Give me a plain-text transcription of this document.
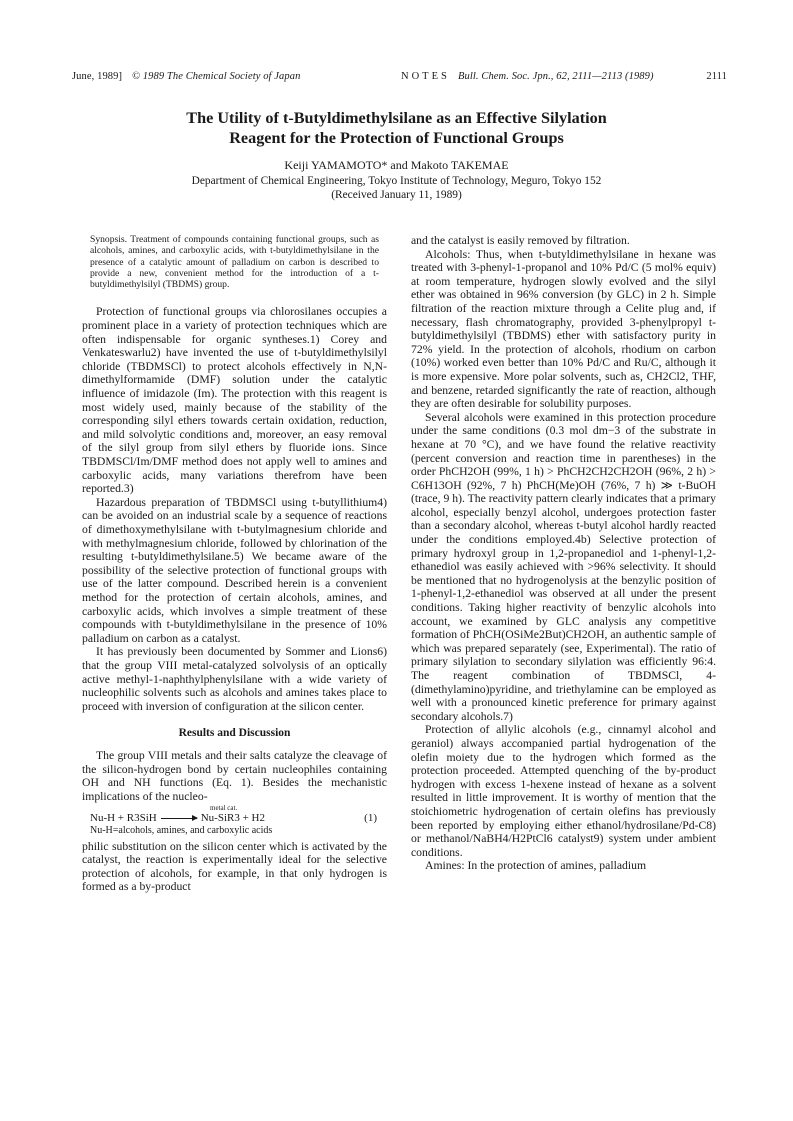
June, 1989] © 1989 The Chemical Society of Japan	NOTES Bull. Chem. Soc. Jpn., 62, 2111—2113 (1989)	2111
The Utility of t-Butyldimethylsilane as an Effective Silylation
Reagent for the Protection of Functional Groups
Keiji YAMAMOTO* and Makoto TAKEMAE
Department of Chemical Engineering, Tokyo Institute of Technology, Meguro, Tokyo 152
(Received January 11, 1989)
Synopsis. Treatment of compounds containing functional groups, such as alcohols, amines, and carboxylic acids, with t-butyldimethylsilane in the presence of a catalytic amount of palladium on carbon is described to provide a new, convenient method for the introduction of a t-butyldimethylsilyl (TBDMS) group.

Protection of functional groups via chlorosilanes occupies a prominent place in a variety of protection techniques which are often indispensable for organic syntheses.1) Corey and Venkateswarlu2) have invented the use of t-butyldimethylsilyl chloride (TBDMSCl) to protect alcohols effectively in N,N-dimethylformamide (DMF) solution under the catalytic influence of imidazole (Im). The protection with this reagent is most widely used, mainly because of the stability of the corresponding silyl ethers towards certain oxidation, reduction, and mild solvolytic conditions and, moreover, an easy removal of the silyl group from silyl ethers by fluoride ions. Since TBDMSCl/Im/DMF method does not apply well to amines and carboxylic acids, many variations therefrom have been reported.3)

Hazardous preparation of TBDMSCl using t-butyllithium4) can be avoided on an industrial scale by a sequence of reactions of dimethoxymethylsilane with t-butylmagnesium chloride and with methylmagnesium chloride, followed by chlorination of the resulting t-butyldimethylsilane.5) We became aware of the possibility of the selective protection of functional groups with use of the latter compound. Described herein is a convenient method for the protection of certain alcohols, amines, and carboxylic acids, which involves a simple treatment of these compounds with t-butyldimethylsilane in the presence of 10% palladium on carbon as a catalyst.

It has previously been documented by Sommer and Lions6) that the group VIII metal-catalyzed solvolysis of an optically active methyl-1-naphthylphenylsilane with a wide variety of nucleophilic solvents such as alcohols and amines takes place to proceed with inversion of configuration at the silicon center.

Results and Discussion

The group VIII metals and their salts catalyze the cleavage of the silicon-hydrogen bond by certain nucleophiles containing OH and NH functions (Eq. 1). Besides the mechanistic implications of the nucleo-

Nu-H + R3SiH → Nu-SiR3 + H2
metal cat.
(1)
Nu-H=alcohols, amines, and carboxylic acids

philic substitution on the silicon center which is activated by the catalyst, the reaction is experimentally ideal for the selective protection of alcohols, for example, in that only hydrogen is formed as a by-product

and the catalyst is easily removed by filtration.

Alcohols: Thus, when t-butyldimethylsilane in hexane was treated with 3-phenyl-1-propanol and 10% Pd/C (5 mol% equiv) at room temperature, hydrogen slowly evolved and the silyl ether was obtained in 96% conversion (by GLC) in 2 h. Simple filtration of the reaction mixture through a Celite plug and, if necessary, flash chromatography, provided 3-phenylpropyl t-butyldimethylsilyl (TBDMS) ether with satisfactory purity in 72% yield. In the protection of alcohols, rhodium on carbon (10%) worked even better than 10% Pd/C and Ru/C, although it is more expensive. More polar solvents, such as, CH2Cl2, THF, and benzene, retarded significantly the rate of reaction, although they are often desirable for solubility purposes.

Several alcohols were examined in this protection procedure under the same conditions (0.3 mol dm−3 of the substrate in hexane at 70 °C), and we have found the relative reactivity (percent conversion and reaction time in parentheses) in the order PhCH2OH (99%, 1 h) > PhCH2CH2CH2OH (96%, 2 h) > C6H13OH (92%, 7 h) PhCH(Me)OH (76%, 7 h) ≫ t-BuOH (trace, 9 h). The reactivity pattern clearly indicates that a primary alcohol, especially benzyl alcohol, undergoes protection faster than a secondary alcohol, whereas t-butyl alcohol hardly reacted under the conditions employed.4b) Selective protection of primary hydroxyl group in 1,2-propanediol and 1-phenyl-1,2-ethanediol was easily achieved with >96% selectivity. It should be mentioned that no hydrogenolysis at the benzylic position of 1-phenyl-1,2-ethanediol was observed at all under the present conditions. Taking higher reactivity of benzylic alcohols into account, we examined by GLC analysis any competitive formation of PhCH(OSiMe2But)CH2OH, an authentic sample of which was prepared separately (see, Experimental). The ratio of primary silylation to secondary silylation was efficiently 96:4. The reagent combination of TBDMSCl, 4-(dimethylamino)pyridine, and triethylamine can be employed as well with a pronounced kinetic preference for primary against secondary alcohols.7)

Protection of allylic alcohols (e.g., cinnamyl alcohol and geraniol) always accompanied partial hydrogenation of the olefin moiety due to the hydrogen which formed as the protection proceeded. Attempted quenching of the by-product hydrogen with excess 1-hexene instead of hexane as a solvent resulted in little improvement. It is worthy of mention that the stoichiometric hydrogenation of certain olefins has previously been reported by employing either ethanol/hydrosilane/Pd-C8) or methanol/NaBH4/H2PtCl6 catalyst9) system under ambient conditions.

Amines: In the protection of amines, palladium
